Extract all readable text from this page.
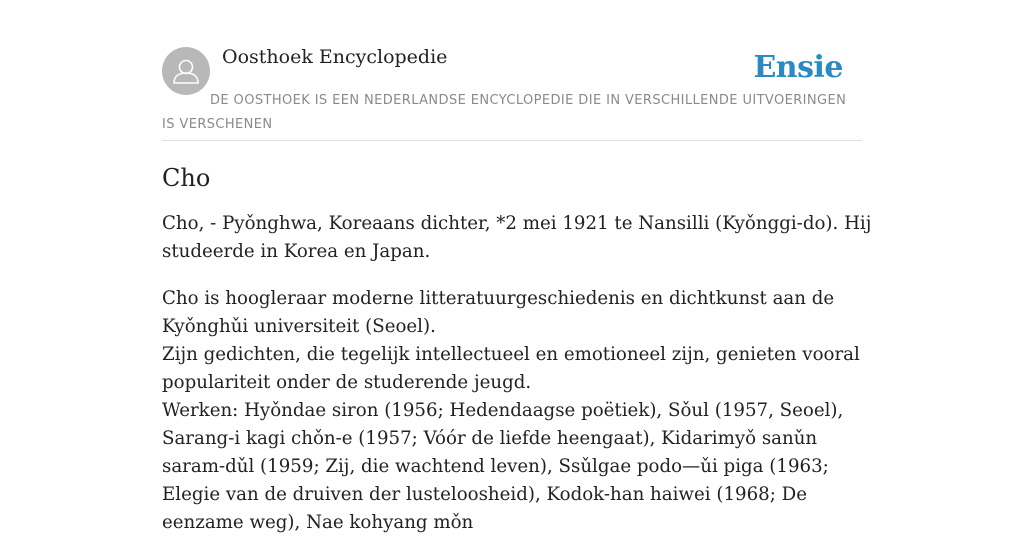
Oosthoek Encyclopedie	Ensie
DE OOSTHOEK IS EEN NEDERLANDSE ENCYCLOPEDIE DIE IN VERSCHILLENDE UITVOERINGEN IS VERSCHENEN
Cho

Cho, - Pyǒnghwa, Koreaans dichter, *2 mei 1921 te Nansilli (Kyǒnggi-do). Hij studeerde in Korea en Japan.

Cho is hoogleraar moderne litteratuurgeschiedenis en dichtkunst aan de Kyǒnghǔi universiteit (Seoel).

Zijn gedichten, die tegelijk intellectueel en emotioneel zijn, genieten vooral populariteit onder de studerende jeugd.

Werken: Hyǒndae siron (1956; Hedendaagse poëtiek), Sǒul (1957, Seoel), Sarang-i kagi chǒn-e (1957; Vóór de liefde heengaat), Kidarimyǒ sanǔn saram-dǔl (1959; Zij, die wachtend leven), Ssǔlgae podo—ǔi piga (1963; Elegie van de druiven der lusteloosheid), Kodok-han haiwei (1968; De eenzame weg), Nae kohyang mǒn
